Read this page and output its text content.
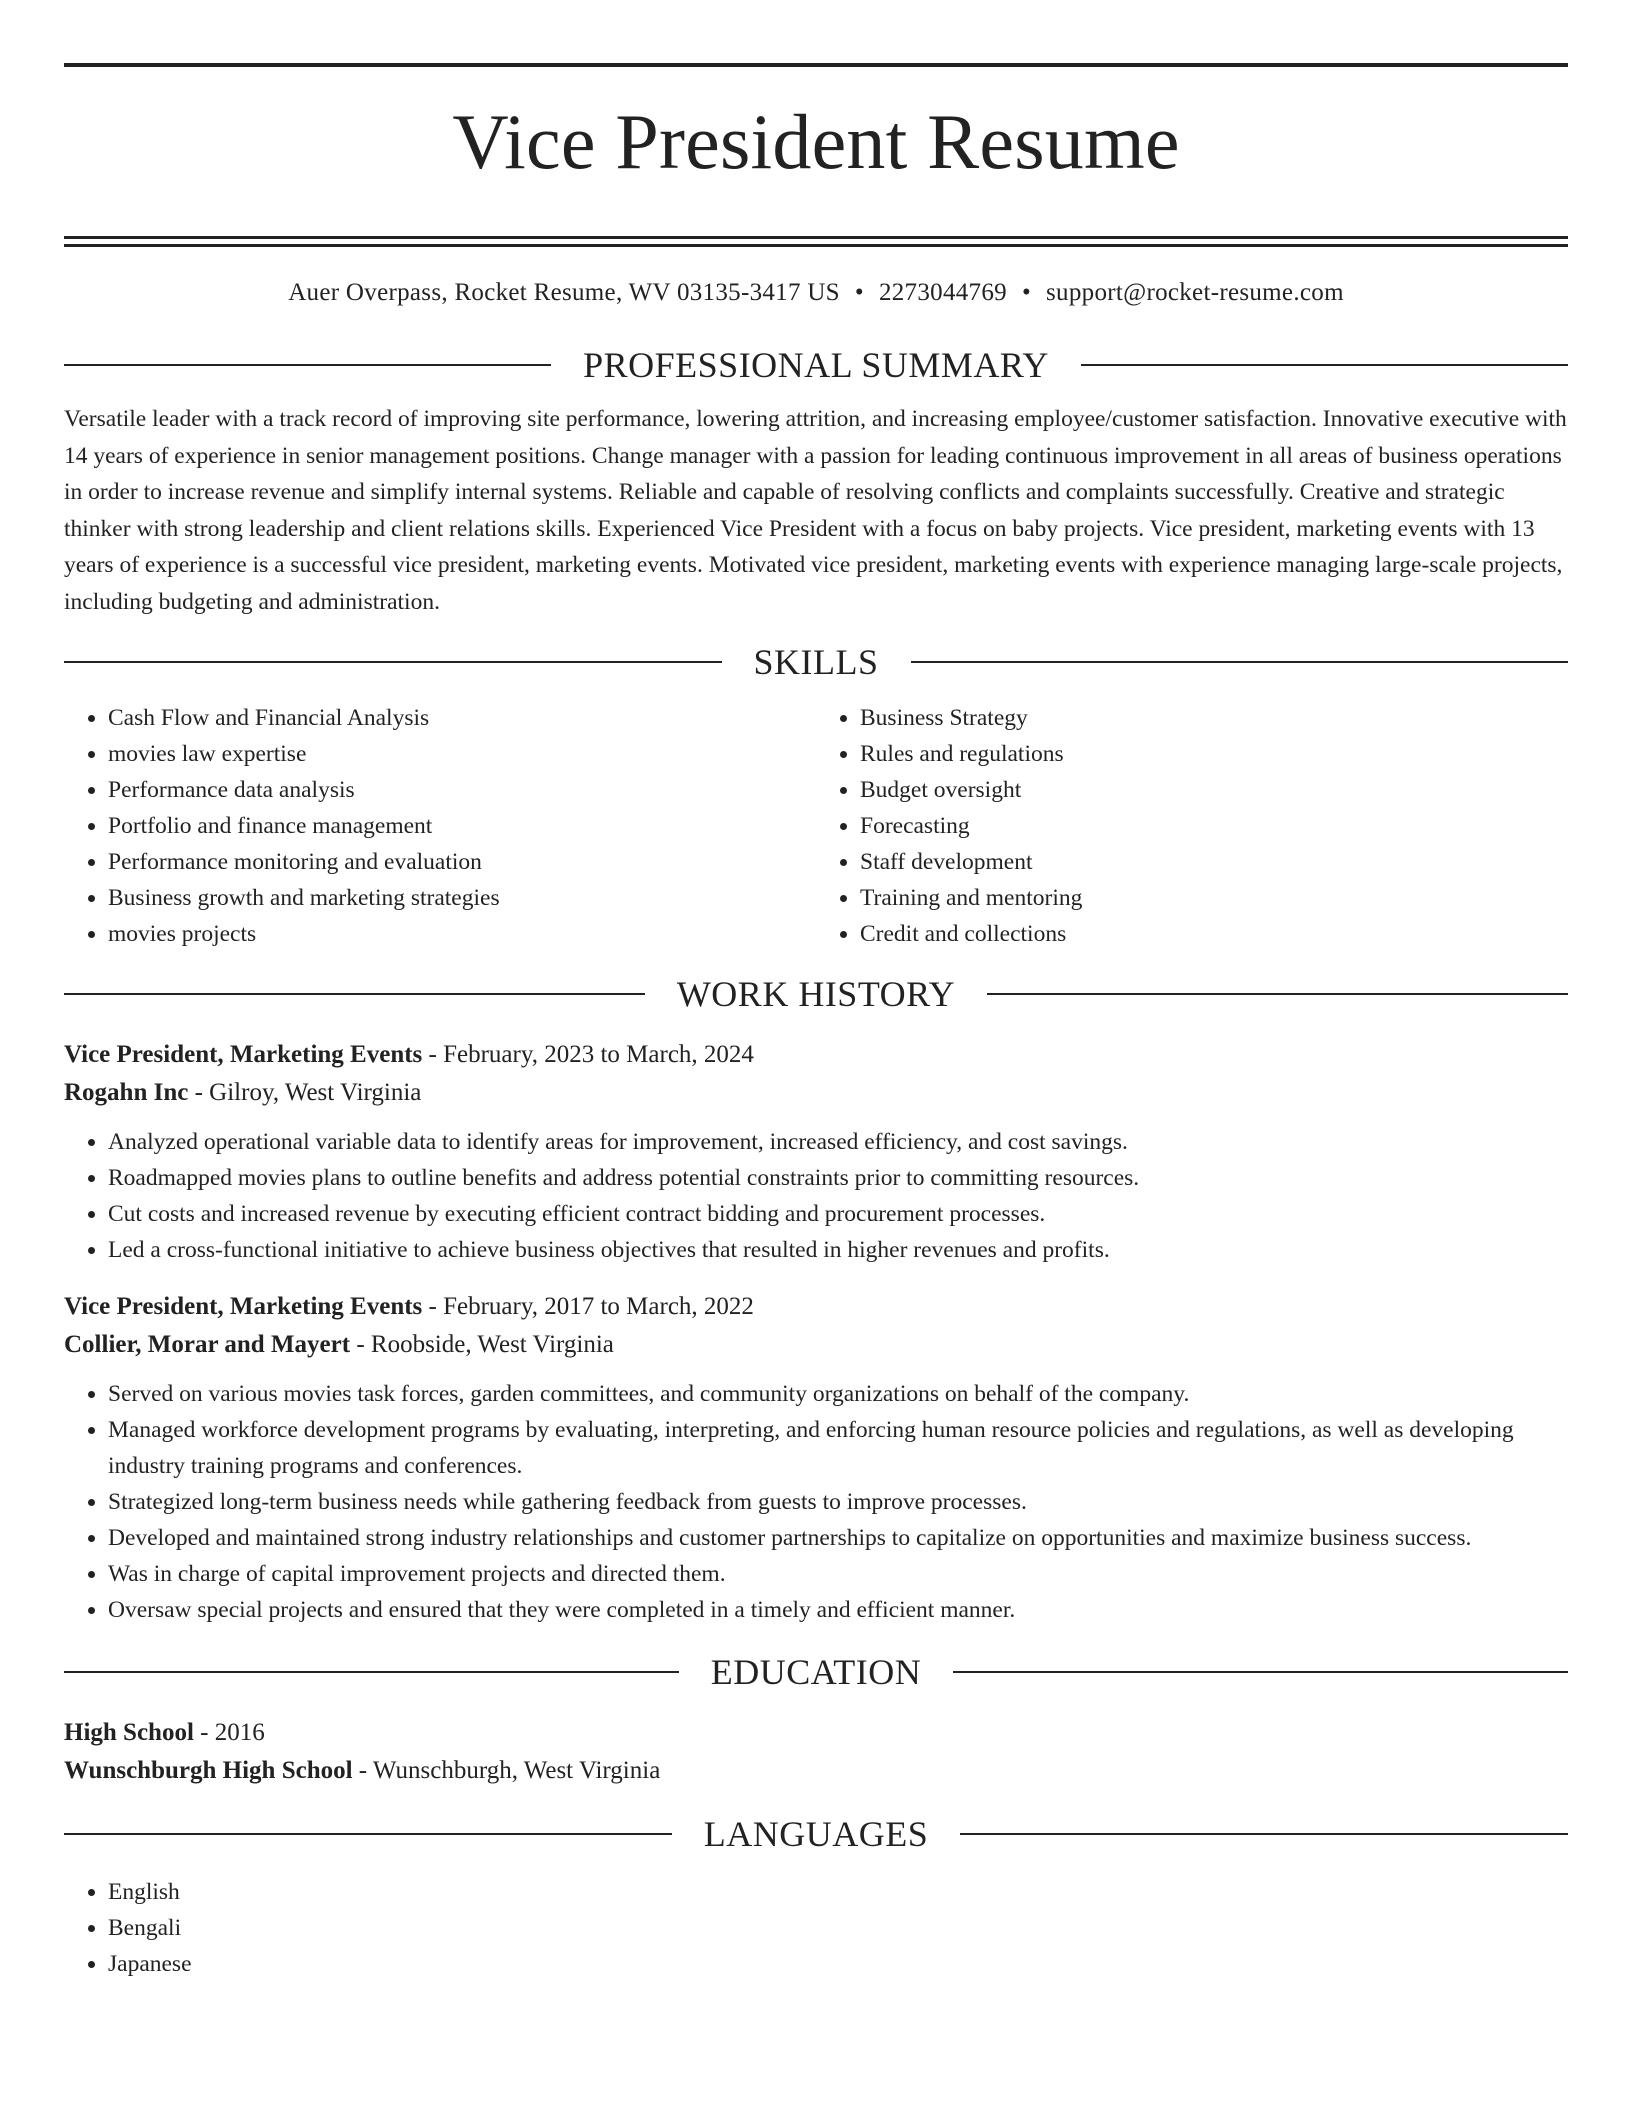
Vice President Resume
Auer Overpass, Rocket Resume, WV 03135-3417 US • 2273044769 • support@rocket-resume.com
PROFESSIONAL SUMMARY

Versatile leader with a track record of improving site performance, lowering attrition, and increasing employee/customer satisfaction. Innovative executive with 14 years of experience in senior management positions. Change manager with a passion for leading continuous improvement in all areas of business operations in order to increase revenue and simplify internal systems. Reliable and capable of resolving conflicts and complaints successfully. Creative and strategic thinker with strong leadership and client relations skills. Experienced Vice President with a focus on baby projects. Vice president, marketing events with 13 years of experience is a successful vice president, marketing events. Motivated vice president, marketing events with experience managing large-scale projects, including budgeting and administration.

SKILLS
• Cash Flow and Financial Analysis
• movies law expertise
• Performance data analysis
• Portfolio and finance management
• Performance monitoring and evaluation
• Business growth and marketing strategies
• movies projects
• Business Strategy
• Rules and regulations
• Budget oversight
• Forecasting
• Staff development
• Training and mentoring
• Credit and collections
WORK HISTORY
Vice President, Marketing Events - February, 2023 to March, 2024
Rogahn Inc - Gilroy, West Virginia
• Analyzed operational variable data to identify areas for improvement, increased efficiency, and cost savings.
• Roadmapped movies plans to outline benefits and address potential constraints prior to committing resources.
• Cut costs and increased revenue by executing efficient contract bidding and procurement processes.
• Led a cross-functional initiative to achieve business objectives that resulted in higher revenues and profits.
Vice President, Marketing Events - February, 2017 to March, 2022
Collier, Morar and Mayert - Roobside, West Virginia
• Served on various movies task forces, garden committees, and community organizations on behalf of the company.
• Managed workforce development programs by evaluating, interpreting, and enforcing human resource policies and regulations, as well as developing industry training programs and conferences.
• Strategized long-term business needs while gathering feedback from guests to improve processes.
• Developed and maintained strong industry relationships and customer partnerships to capitalize on opportunities and maximize business success.
• Was in charge of capital improvement projects and directed them.
• Oversaw special projects and ensured that they were completed in a timely and efficient manner.
EDUCATION
High School - 2016
Wunschburgh High School - Wunschburgh, West Virginia
LANGUAGES
• English
• Bengali
• Japanese
